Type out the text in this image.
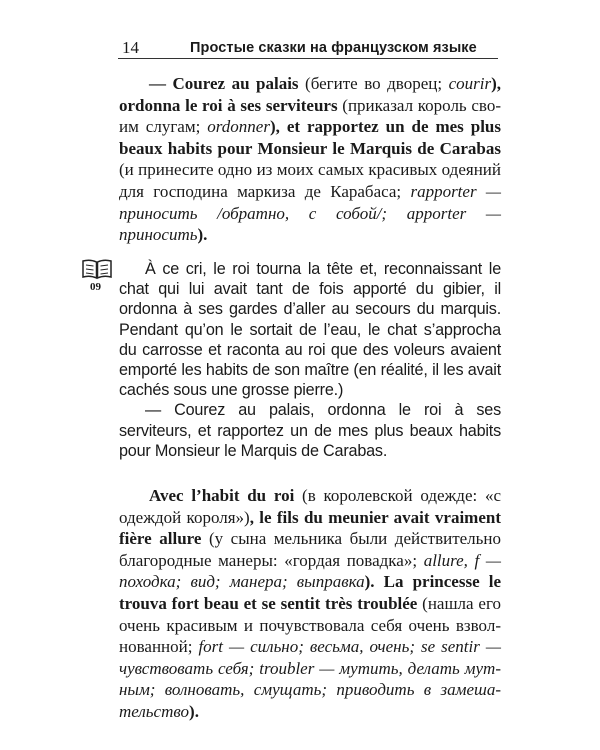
14	Простые сказки на французском языке

— Courez au palais (бегите во дворец; courir), ordonna le roi à ses serviteurs (приказал король своим слугам; ordonner), et rapportez un de mes plus beaux habits pour Monsieur le Marquis de Carabas (и принесите одно из моих самых красивых одеяний для господина маркиза де Карабаса; rapporter — приносить /обратно, с собой/; apporter — приносить).

09

À ce cri, le roi tourna la tête et, reconnaissant le chat qui lui avait tant de fois apporté du gibier, il ordonna à ses gardes d’aller au secours du marquis. Pendant qu’on le sortait de l’eau, le chat s’approcha du carrosse et raconta au roi que des voleurs avaient emporté les habits de son maître (en réalité, il les avait cachés sous une grosse pierre.)

— Courez au palais, ordonna le roi à ses serviteurs, et rapportez un de mes plus beaux habits pour Monsieur le Marquis de Carabas.

Avec l’habit du roi (в королевской одежде: «с одеждой короля»), le fils du meunier avait vraiment fière allure (у сына мельника были действительно благородные манеры: «гордая повадка»; allure, f — походка; вид; манера; выправка). La princesse le trouva fort beau et se sentit très troublée (нашла его очень красивым и почувствовала себя очень взволнованной; fort — сильно; весьма, очень; se sentir — чувствовать себя; troubler — мутить, делать мутным; волновать, смущать; приводить в замешательство).
